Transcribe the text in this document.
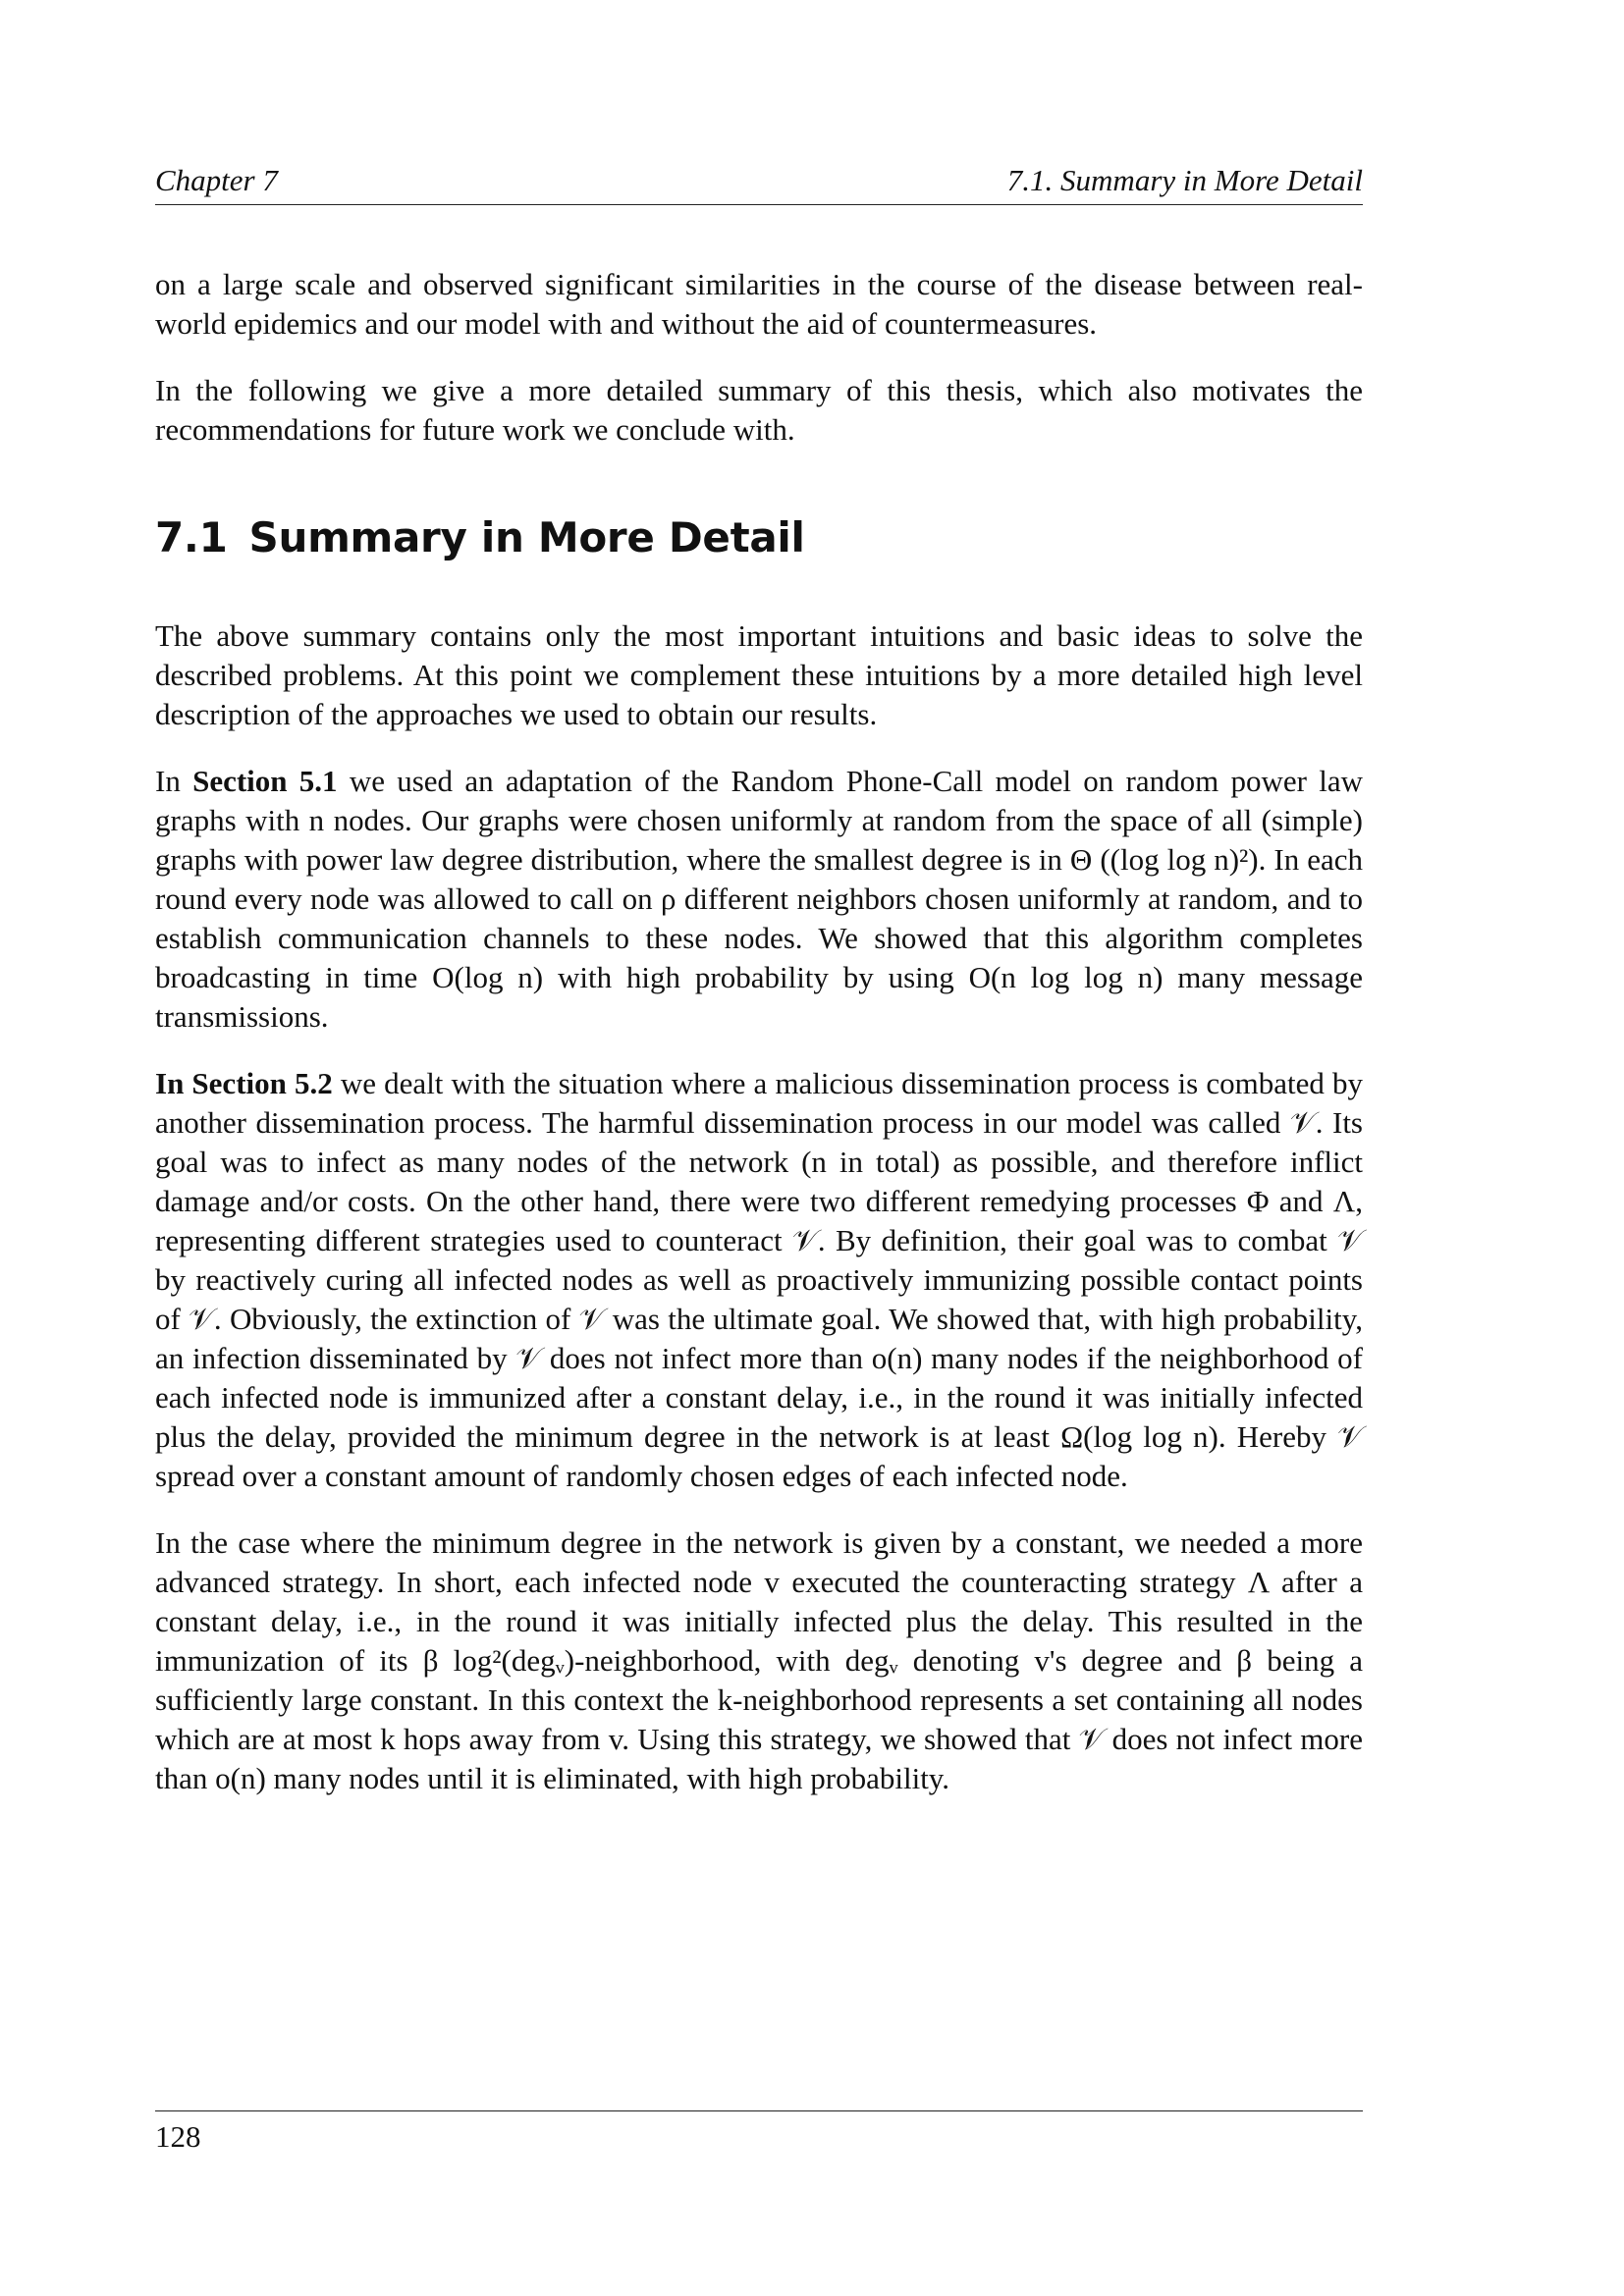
Chapter 7	7.1. Summary in More Detail

on a large scale and observed significant similarities in the course of the disease between real-world epidemics and our model with and without the aid of countermeasures.

In the following we give a more detailed summary of this thesis, which also motivates the recommendations for future work we conclude with.

7.1 Summary in More Detail

The above summary contains only the most important intuitions and basic ideas to solve the described problems. At this point we complement these intuitions by a more detailed high level description of the approaches we used to obtain our results.

In Section 5.1 we used an adaptation of the Random Phone-Call model on random power law graphs with n nodes. Our graphs were chosen uniformly at random from the space of all (simple) graphs with power law degree distribution, where the smallest degree is in Θ ((log log n)²). In each round every node was allowed to call on ρ different neighbors chosen uniformly at random, and to establish communication channels to these nodes. We showed that this algorithm completes broadcasting in time O(log n) with high probability by using O(n log log n) many message transmissions.

In Section 5.2 we dealt with the situation where a malicious dissemination process is combated by another dissemination process. The harmful dissemination process in our model was called 𝒱. Its goal was to infect as many nodes of the network (n in total) as possible, and therefore inflict damage and/or costs. On the other hand, there were two different remedying processes Φ and Λ, representing different strategies used to counteract 𝒱. By definition, their goal was to combat 𝒱 by reactively curing all infected nodes as well as proactively immunizing possible contact points of 𝒱. Obviously, the extinction of 𝒱 was the ultimate goal. We showed that, with high probability, an infection disseminated by 𝒱 does not infect more than o(n) many nodes if the neighborhood of each infected node is immunized after a constant delay, i.e., in the round it was initially infected plus the delay, provided the minimum degree in the network is at least Ω(log log n). Hereby 𝒱 spread over a constant amount of randomly chosen edges of each infected node.

In the case where the minimum degree in the network is given by a constant, we needed a more advanced strategy. In short, each infected node v executed the counteracting strategy Λ after a constant delay, i.e., in the round it was initially infected plus the delay. This resulted in the immunization of its β log²(degᵥ)-neighborhood, with degᵥ denoting v's degree and β being a sufficiently large constant. In this context the k-neighborhood represents a set containing all nodes which are at most k hops away from v. Using this strategy, we showed that 𝒱 does not infect more than o(n) many nodes until it is eliminated, with high probability.

128
